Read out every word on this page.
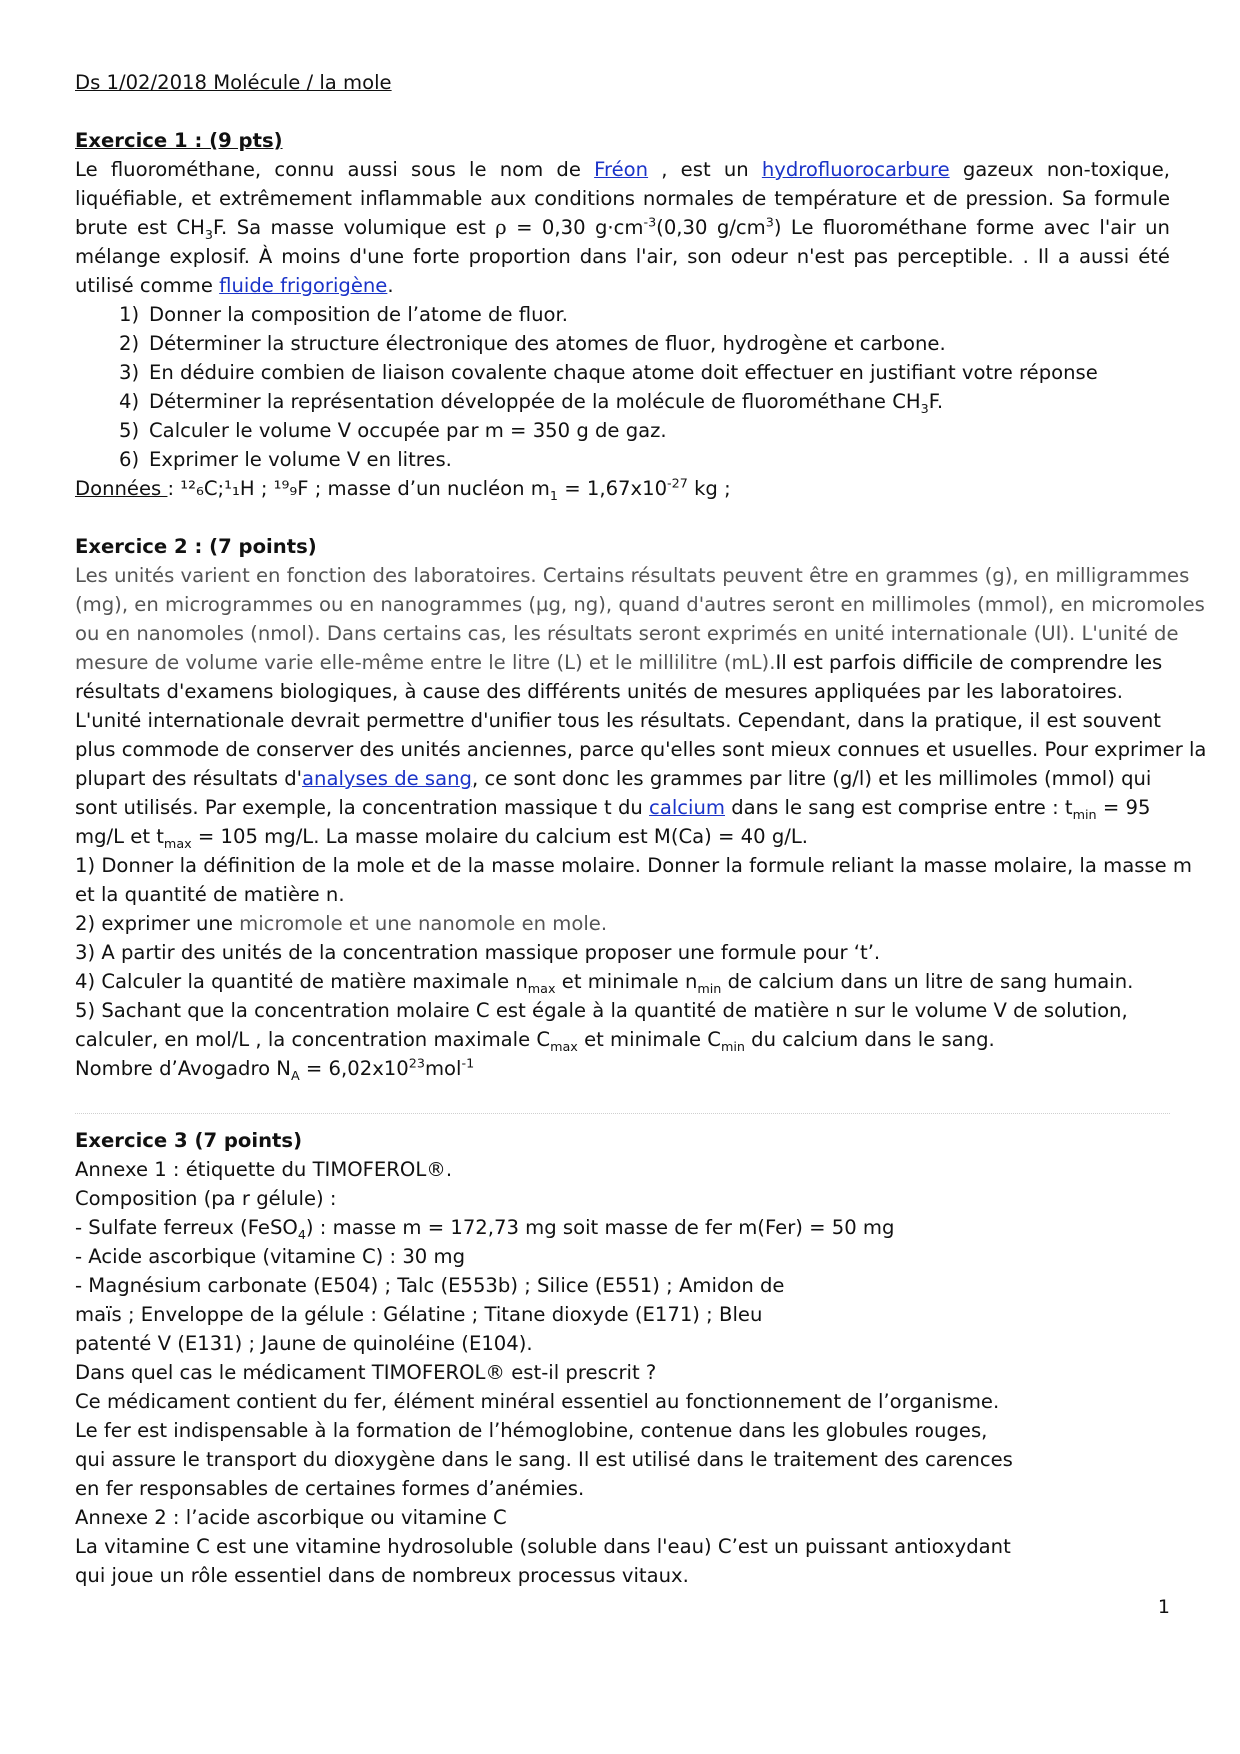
Ds 1/02/2018 Molécule / la mole
Exercice 1 : (9 pts)
Le fluorométhane, connu aussi sous le nom de Fréon , est un hydrofluorocarbure gazeux non-toxique,
liquéfiable, et extrêmement inflammable aux conditions normales de température et de pression. Sa formule
brute est $CH_3F$. Sa masse volumique est ρ = 0,30 $g\cdot cm^{-3}(0,30$ $g/cm^3$) Le fluorométhane forme avec l'air un
mélange explosif. À moins d'une forte proportion dans l'air, son odeur n'est pas perceptible. . Il a aussi été
utilisé comme fluide frigorigène.
1) Donner la composition de l’atome de fluor.
2) Déterminer la structure électronique des atomes de fluor, hydrogène et carbone.
3) En déduire combien de liaison covalente chaque atome doit effectuer en justifiant votre réponse
4) Déterminer la représentation développée de la molécule de fluorométhane $CH_3F$.
5) Calculer le volume V occupée par m = 350 g de gaz.
6) Exprimer le volume V en litres.
Données : ¹²₆C;¹₁H ; ¹⁹₉F ; masse d’un nucléon $m_1 = 1,67x10^{-27}$ kg ;
Exercice 2 : (7 points)
Les unités varient en fonction des laboratoires. Certains résultats peuvent être en grammes (g), en milligrammes
(mg), en microgrammes ou en nanogrammes (µg, ng), quand d'autres seront en millimoles (mmol), en micromoles
ou en nanomoles (nmol). Dans certains cas, les résultats seront exprimés en unité internationale (UI). L'unité de
mesure de volume varie elle-même entre le litre (L) et le millilitre (mL).Il est parfois difficile de comprendre les
résultats d'examens biologiques, à cause des différents unités de mesures appliquées par les laboratoires.
L'unité internationale devrait permettre d'unifier tous les résultats. Cependant, dans la pratique, il est souvent
plus commode de conserver des unités anciennes, parce qu'elles sont mieux connues et usuelles. Pour exprimer la
plupart des résultats d'analyses de sang, ce sont donc les grammes par litre (g/l) et les millimoles (mmol) qui
sont utilisés. Par exemple, la concentration massique t du calcium dans le sang est comprise entre : $t_{min} = 95$
mg/L et $t_{max} = 105$ mg/L. La masse molaire du calcium est M(Ca) = 40 g/L.
1) Donner la définition de la mole et de la masse molaire. Donner la formule reliant la masse molaire, la masse m
et la quantité de matière n.
2) exprimer une micromole et une nanomole en mole.
3) A partir des unités de la concentration massique proposer une formule pour ‘t’.
4) Calculer la quantité de matière maximale $n_{max}$ et minimale $n_{min}$ de calcium dans un litre de sang humain.
5) Sachant que la concentration molaire C est égale à la quantité de matière n sur le volume V de solution,
calculer, en mol/L , la concentration maximale $C_{max}$ et minimale $C_{min}$ du calcium dans le sang.
Nombre d’Avogadro $N_A = 6,02x10^{23}mol^{-1}$
Exercice 3 (7 points)
Annexe 1 : étiquette du TIMOFEROL®.
Composition (pa r gélule) :
- Sulfate ferreux (FeSO$_4$) : masse m = 172,73 mg soit masse de fer m(Fer) = 50 mg
- Acide ascorbique (vitamine C) : 30 mg
- Magnésium carbonate (E504) ; Talc (E553b) ; Silice (E551) ; Amidon de
maïs ; Enveloppe de la gélule : Gélatine ; Titane dioxyde (E171) ; Bleu
patenté V (E131) ; Jaune de quinoléine (E104).
Dans quel cas le médicament TIMOFEROL® est-il prescrit ?
Ce médicament contient du fer, élément minéral essentiel au fonctionnement de l’organisme.
Le fer est indispensable à la formation de l’hémoglobine, contenue dans les globules rouges,
qui assure le transport du dioxygène dans le sang. Il est utilisé dans le traitement des carences
en fer responsables de certaines formes d’anémies.
Annexe 2 : l’acide ascorbique ou vitamine C
La vitamine C est une vitamine hydrosoluble (soluble dans l'eau) C’est un puissant antioxydant
qui joue un rôle essentiel dans de nombreux processus vitaux.
1
